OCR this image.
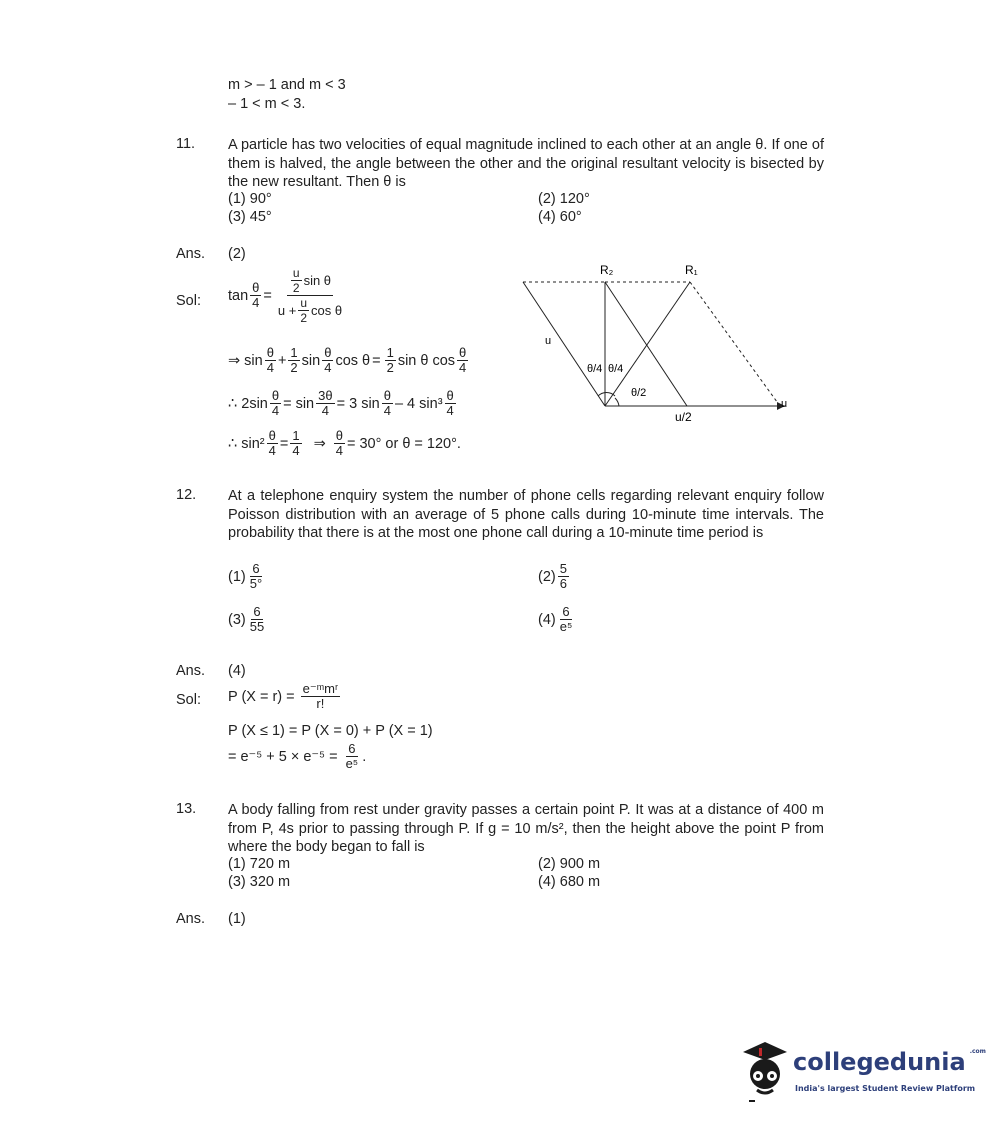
m > – 1 and m < 3
– 1 < m < 3.
11. A particle has two velocities of equal magnitude inclined to each other at an angle θ. If one of them is halved, the angle between the other and the original resultant velocity is bisected by the new resultant. Then θ is
(1) 90°	(2) 120°
(3) 45°	(4) 60°
Ans. (2)
Sol: $\tan \frac{\theta}{4} = \frac{\frac{u}{2} \sin \theta}{u + \frac{u}{2} \cos \theta}$
⇒ $\sin \frac{\theta}{4} + \frac{1}{2}$ $\sin \frac{\theta}{4}$ $\cos \theta = \frac{1}{2}$ sin θ $\cos \frac{\theta}{4}$
∴ $2\sin \frac{\theta}{4} = \sin \frac{3\theta}{4} = 3$ $\sin \frac{\theta}{4} - 4$ $\sin^3 \frac{\theta}{4}$
∴ $\sin^2 \frac{\theta}{4} = \frac{1}{4}$ ⇒ $\frac{\theta}{4} = 30^\circ$ or θ = 120°.
R₂	R₁
u
u
u/2
θ/4 θ/4
θ/2
12. At a telephone enquiry system the number of phone cells regarding relevant enquiry follow Poisson distribution with an average of 5 phone calls during 10-minute time intervals. The probability that there is at the most one phone call during a 10-minute time period is
$(1) \frac{6}{5^\circ}$	$(2) \frac{5}{6}$
$(3) \frac{6}{55}$	$(4) \frac{6}{\text{e⁵}}$
Ans. (4)
Sol: P $(X = r) = \frac{\text{e⁻ᵐmʳ}}{r!}$
P (X ≤ 1) = P (X = 0) + P (X = 1)
= $e^{-5} + 5 \times e^{-5} = \frac{6}{\text{e⁵}}$ .
13. A body falling from rest under gravity passes a certain point P. It was at a distance of 400 m from P, 4s prior to passing through P. If g = 10 m/s², then the height above the point P from where the body began to fall is
(1) 720 m	(2) 900 m
(3) 320 m	(4) 680 m
Ans. (1)
collegedunia $^{.com}$
India's largest Student Review Platform
